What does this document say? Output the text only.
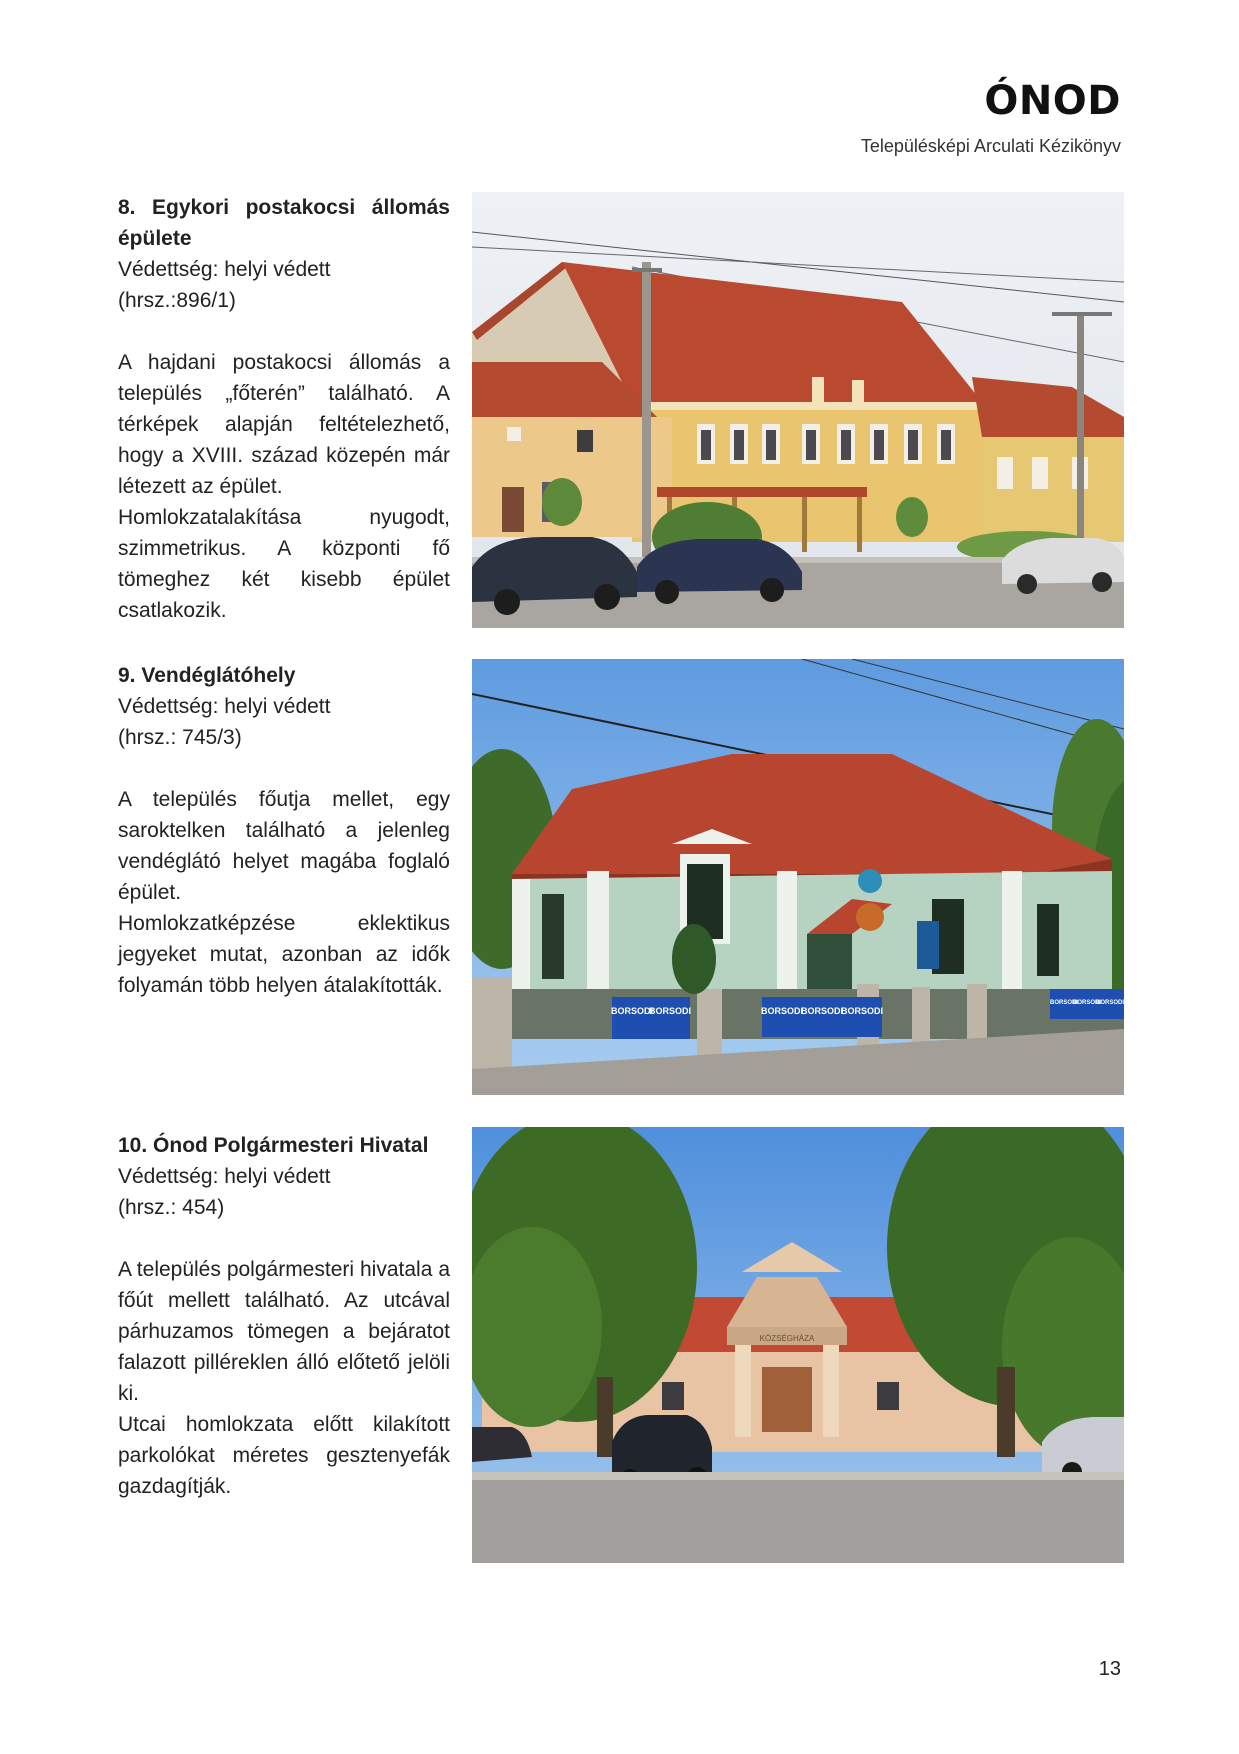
ÓNOD
Településképi Arculati Kézikönyv
8. Egykori postakocsi állomás épülete
Védettség: helyi védett
(hrsz.:896/1)
A hajdani postakocsi állomás a település „főterén” található. A térképek alapján feltételezhető, hogy a XVIII. század közepén már létezett az épület.
Homlokzatalakítása nyugodt, szimmetrikus. A központi fő tömeghez két kisebb épület csatlakozik.
9. Vendéglátóhely
Védettség: helyi védett
(hrsz.: 745/3)
A település főutja mellet, egy saroktelken található a jelenleg vendéglátó helyet magába foglaló épület.
Homlokzatképzése eklektikus jegyeket mutat, azonban az idők folyamán több helyen átalakították.
BORSODI
BORSODI	BORSODI
BORSODI
BORSODI
BORSODI
BORSODI
BORSODI
10. Ónod Polgármesteri Hivatal
Védettség: helyi védett
(hrsz.: 454)
A település polgármesteri hivatala a főút mellett található. Az utcával párhuzamos tömegen a bejáratot falazott pilléreklen álló előtető jelöli ki.
Utcai homlokzata előtt kilakított parkolókat méretes gesztenyefák gazdagítják.
KÖZSÉGHÁZA
13
